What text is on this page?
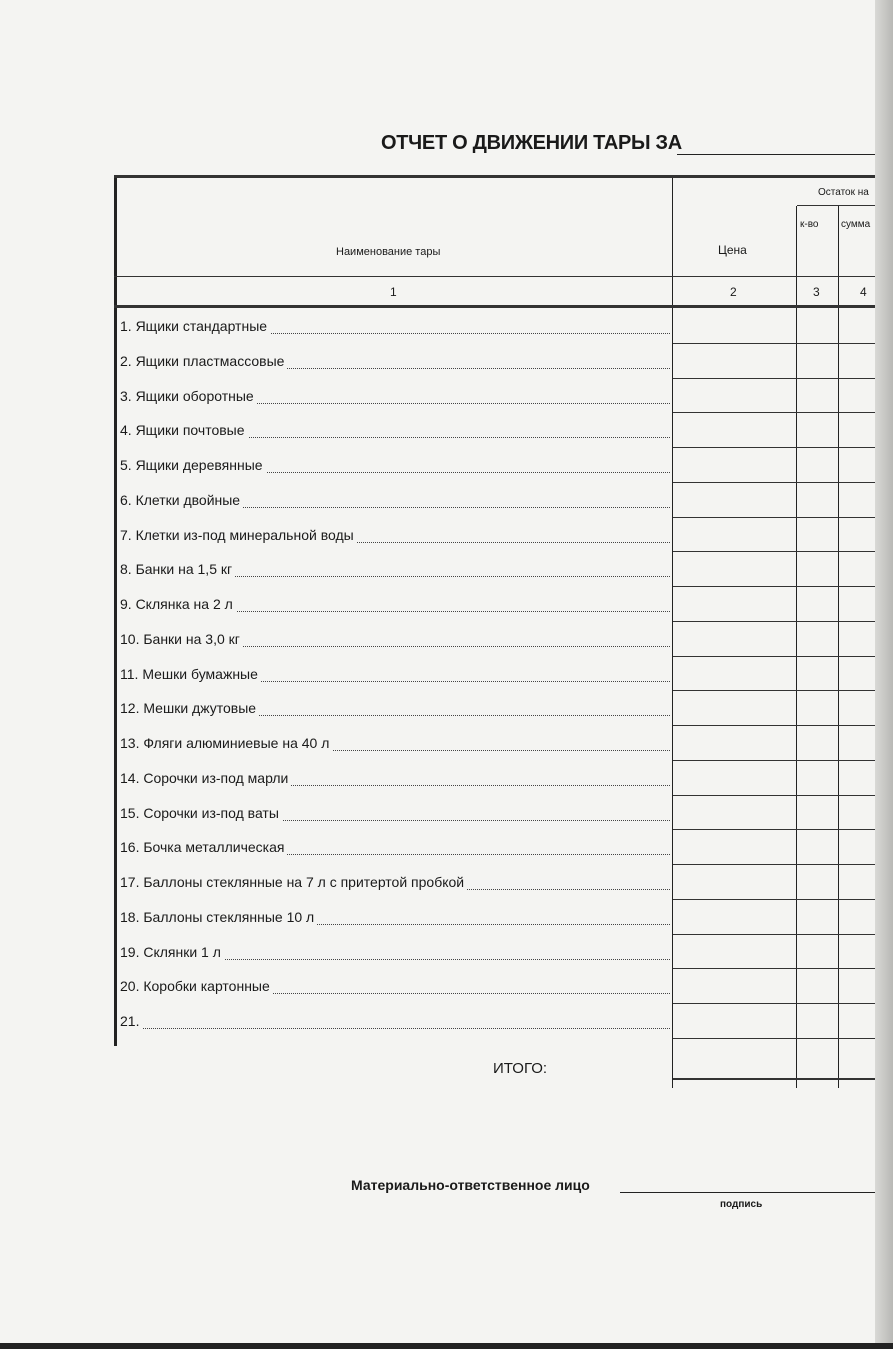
ОТЧЕТ О ДВИЖЕНИИ ТАРЫ ЗА
Наименование тары	Цена
Остаток на
к-во сумма
1	2	3	4
1. Ящики стандартные
2. Ящики пластмассовые
3. Ящики оборотные
4. Ящики почтовые
5. Ящики деревянные
6. Клетки двойные
7. Клетки из-под минеральной воды
8. Банки на 1,5 кг
9. Склянка на 2 л
10. Банки на 3,0 кг
11. Мешки бумажные
12. Мешки джутовые
13. Фляги алюминиевые на 40 л
14. Сорочки из-под марли
15. Сорочки из-под ваты
16. Бочка металлическая
17. Баллоны стеклянные на 7 л с притертой пробкой
18. Баллоны стеклянные 10 л
19. Склянки 1 л
20. Коробки картонные
21.
ИТОГО:
Материально-ответственное лицо
подпись
